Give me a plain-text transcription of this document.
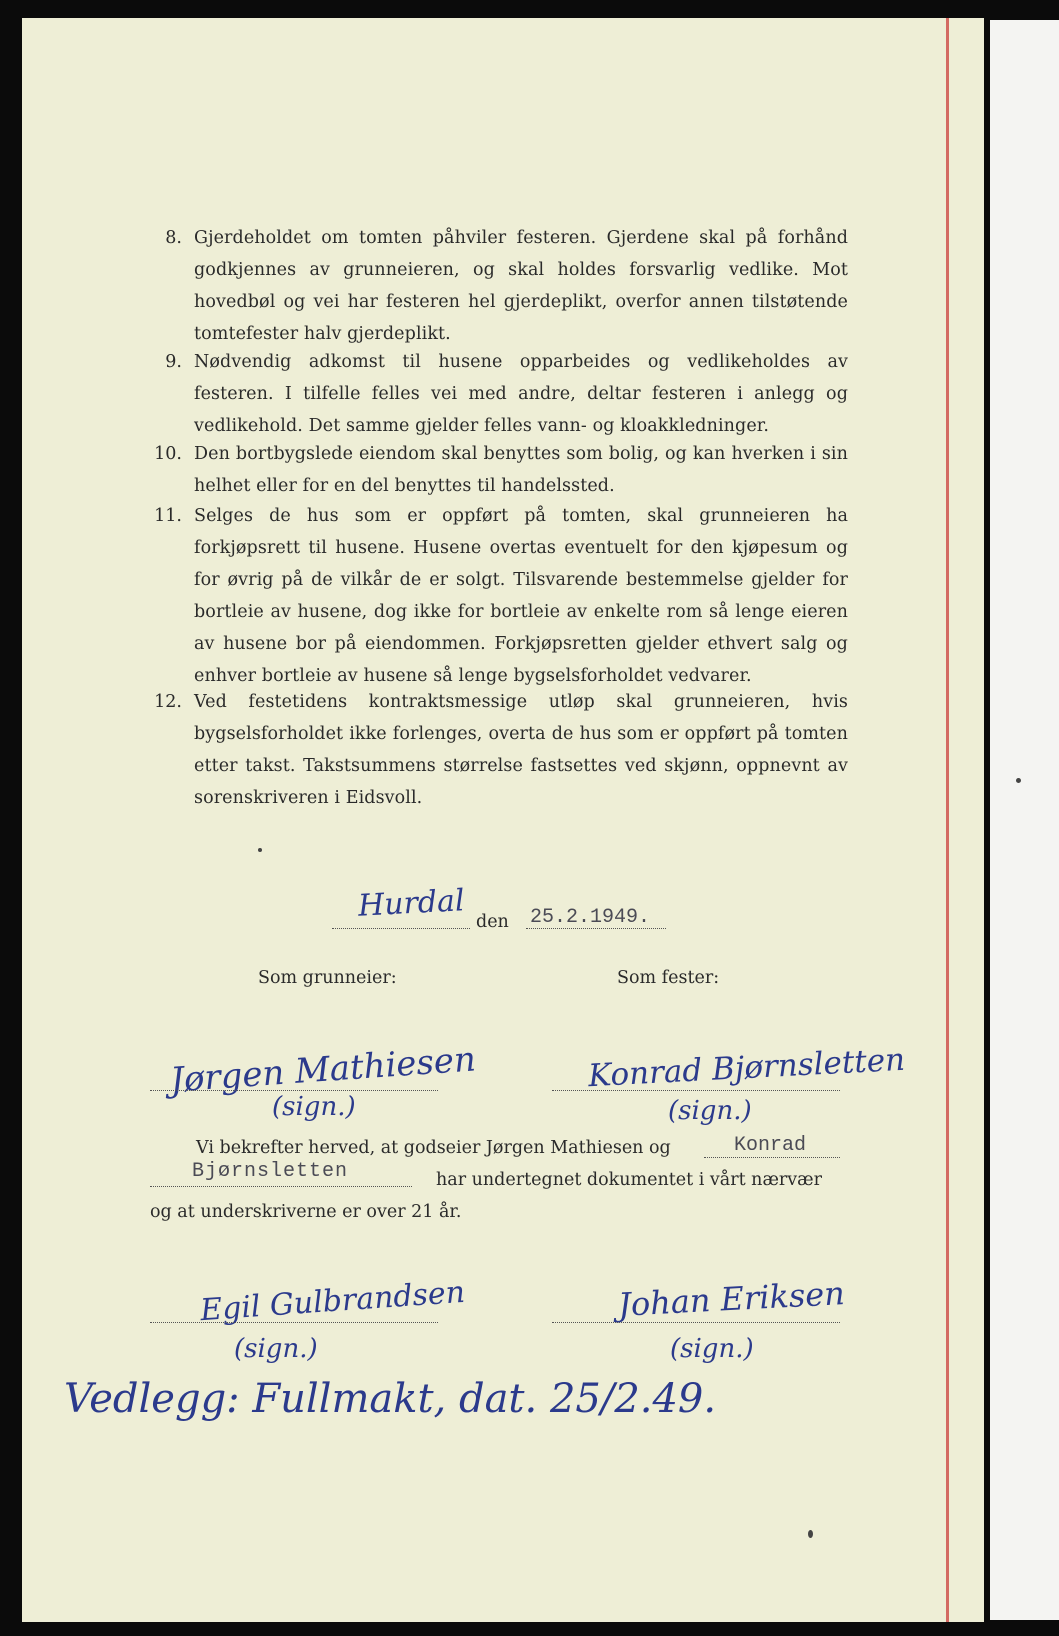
8. Gjerdeholdet om tomten påhviler festeren. Gjerdene skal på forhånd godkjennes av grunneieren, og skal holdes forsvarlig vedlike. Mot hovedbøl og vei har festeren hel gjerdeplikt, overfor annen tilstøtende tomtefester halv gjerdeplikt.
9. Nødvendig adkomst til husene opparbeides og vedlikeholdes av festeren. I tilfelle felles vei med andre, deltar festeren i anlegg og vedlikehold. Det samme gjelder felles vann- og kloakkledninger.
10. Den bortbygslede eiendom skal benyttes som bolig, og kan hverken i sin helhet eller for en del benyttes til handelssted.
11. Selges de hus som er oppført på tomten, skal grunneieren ha forkjøpsrett til husene. Husene overtas eventuelt for den kjøpesum og for øvrig på de vilkår de er solgt. Tilsvarende bestemmelse gjelder for bortleie av husene, dog ikke for bortleie av enkelte rom så lenge eieren av husene bor på eiendommen. Forkjøpsretten gjelder ethvert salg og enhver bortleie av husene så lenge bygselsforholdet vedvarer.
12. Ved festetidens kontraktsmessige utløp skal grunneieren, hvis bygselsforholdet ikke forlenges, overta de hus som er oppført på tomten etter takst. Takstsummens størrelse fastsettes ved skjønn, oppnevnt av sorenskriveren i Eidsvoll.
Hurdal den 25.2.1949.
Som grunneier:	Som fester:
Jørgen Mathiesen
(sign.)
Konrad Bjørnsletten
(sign.)
Vi bekrefter herved, at godseier Jørgen Mathiesen og	Konrad
Bjørnsletten	har undertegnet dokumentet i vårt nærvær
og at underskriverne er over 21 år.
Egil Gulbrandsen
(sign.)
Johan Eriksen
(sign.)
Vedlegg: Fullmakt, dat. 25/2.49.
